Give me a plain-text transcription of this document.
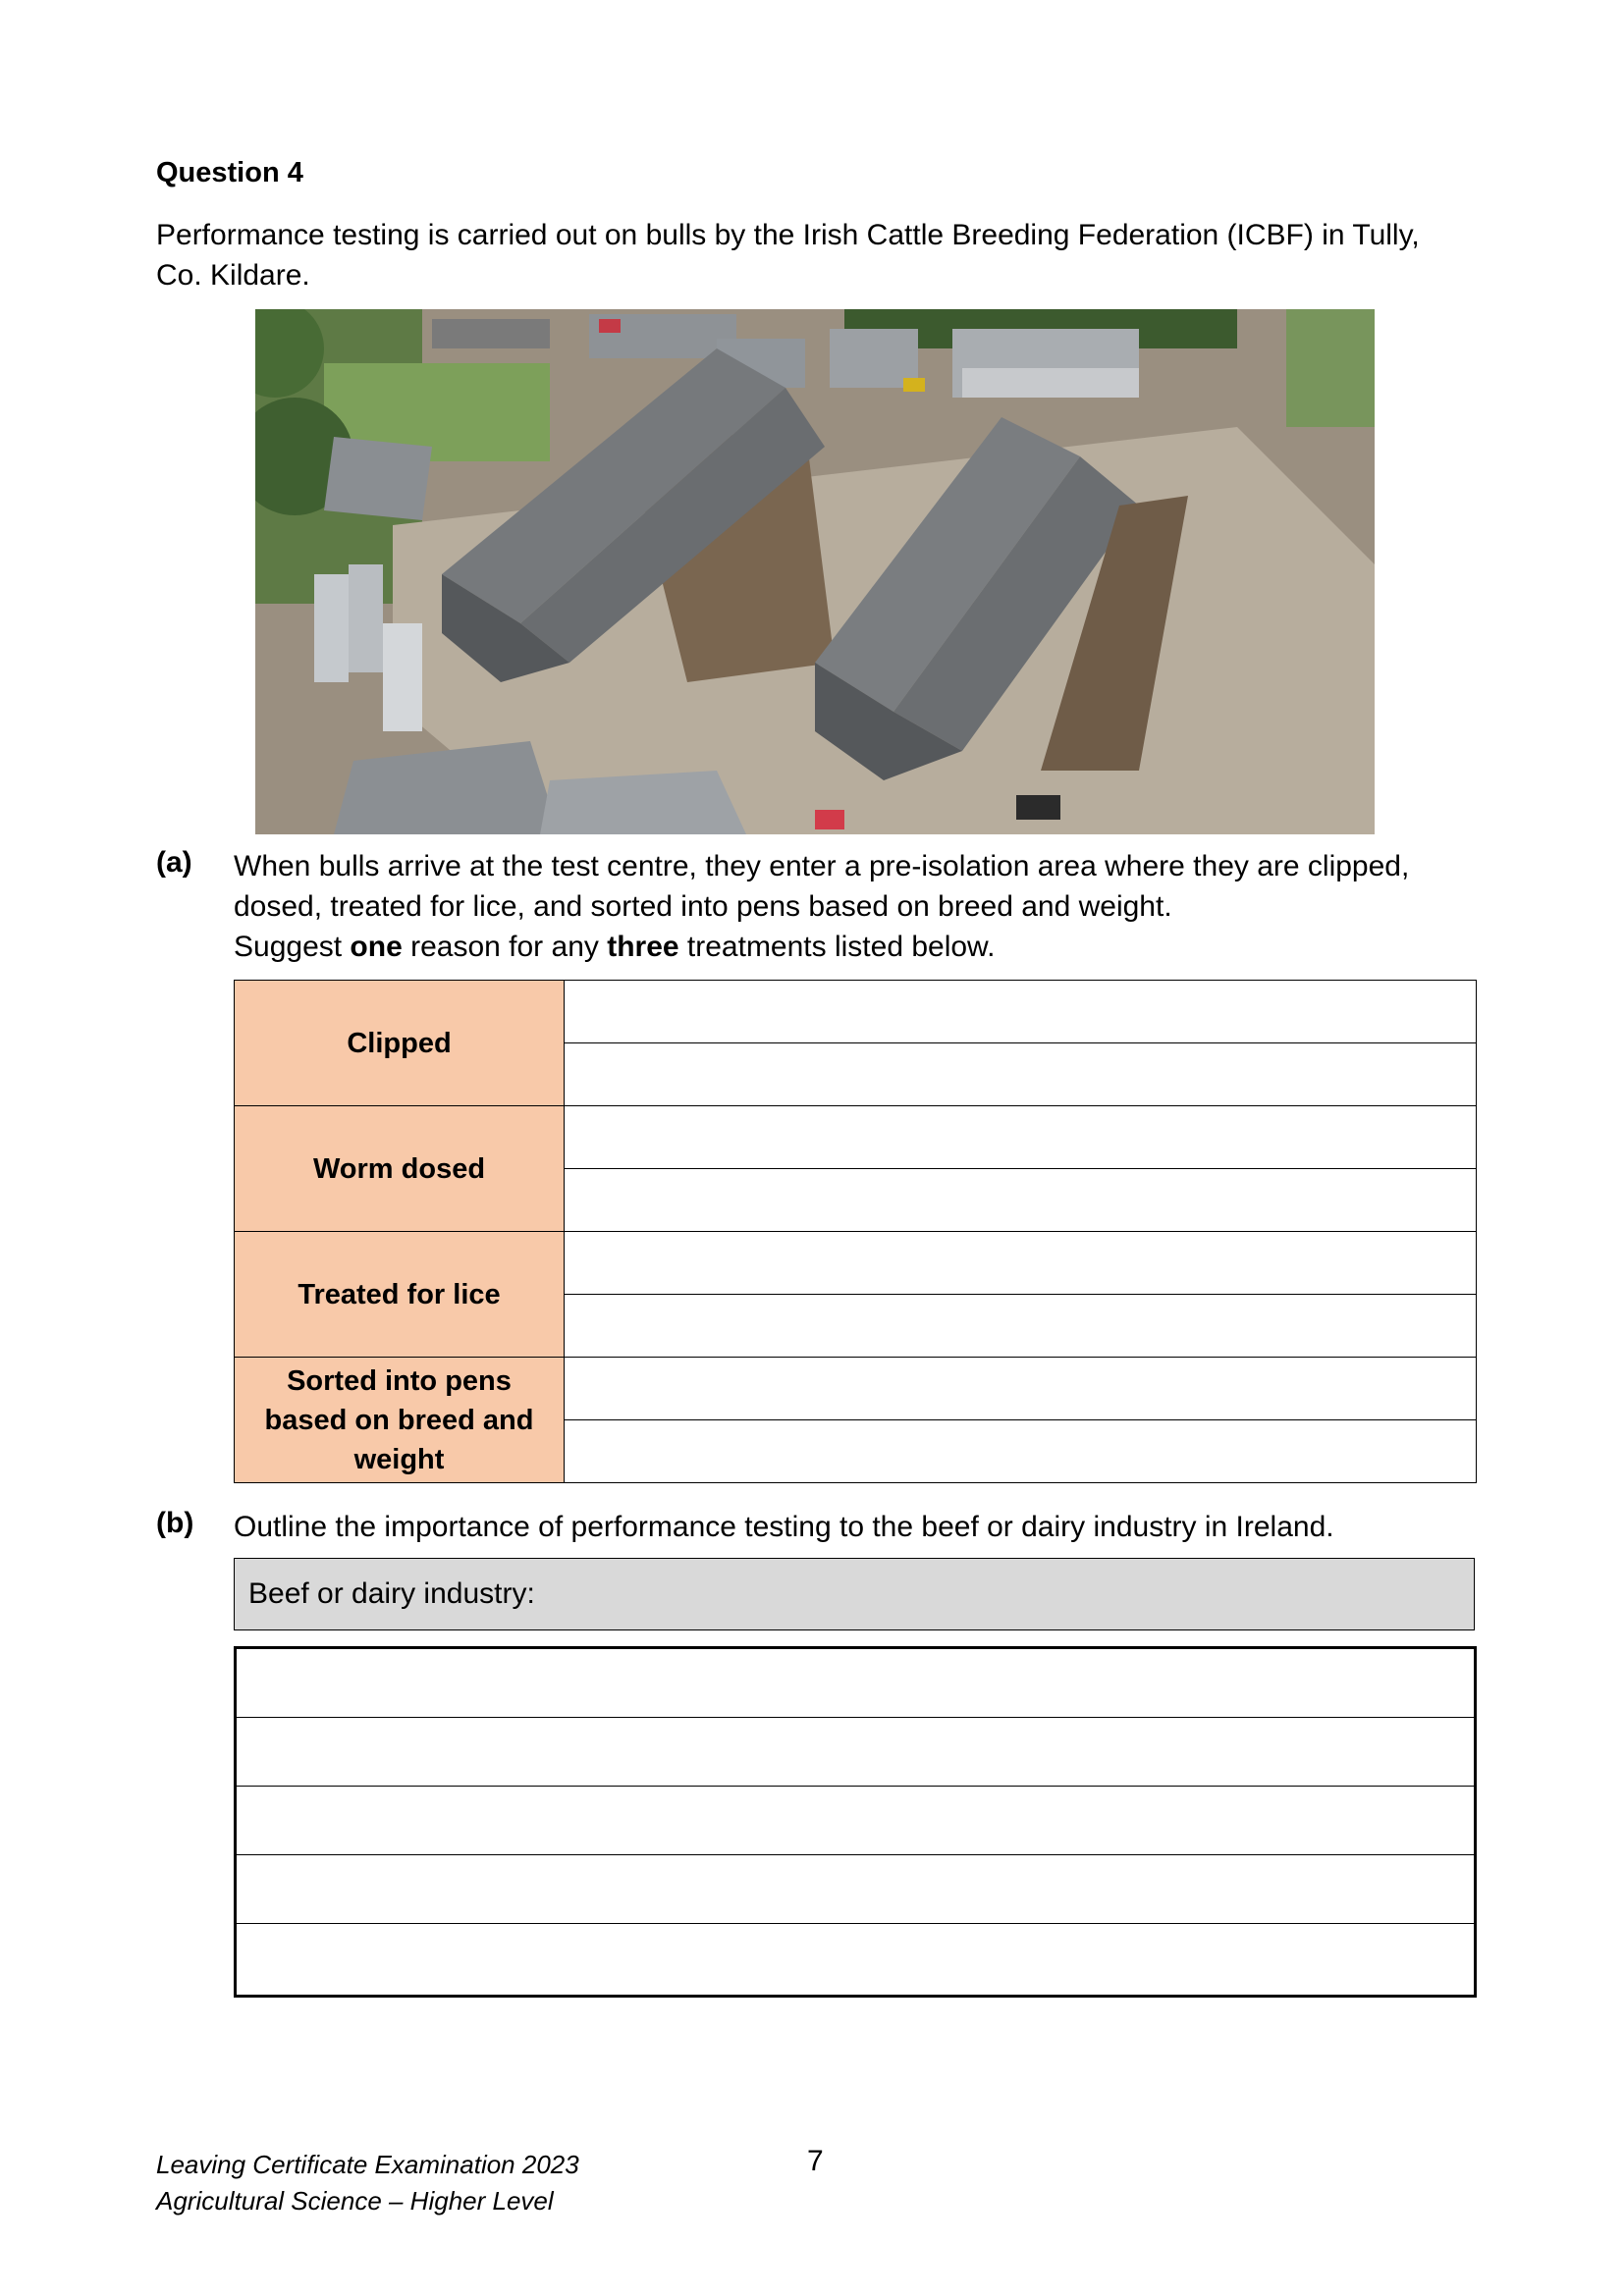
Question 4
Performance testing is carried out on bulls by the Irish Cattle Breeding Federation (ICBF) in Tully,
Co. Kildare.
(a) When bulls arrive at the test centre, they enter a pre-isolation area where they are clipped,
dosed, treated for lice, and sorted into pens based on breed and weight.
Suggest one reason for any three treatments listed below.
Clipped	

Worm dosed	

Treated for lice	

Sorted into pens based on breed and weight	

(b) Outline the importance of performance testing to the beef or dairy industry in Ireland.
Beef or dairy industry:
Leaving Certificate Examination 2023
Agricultural Science – Higher Level
7
